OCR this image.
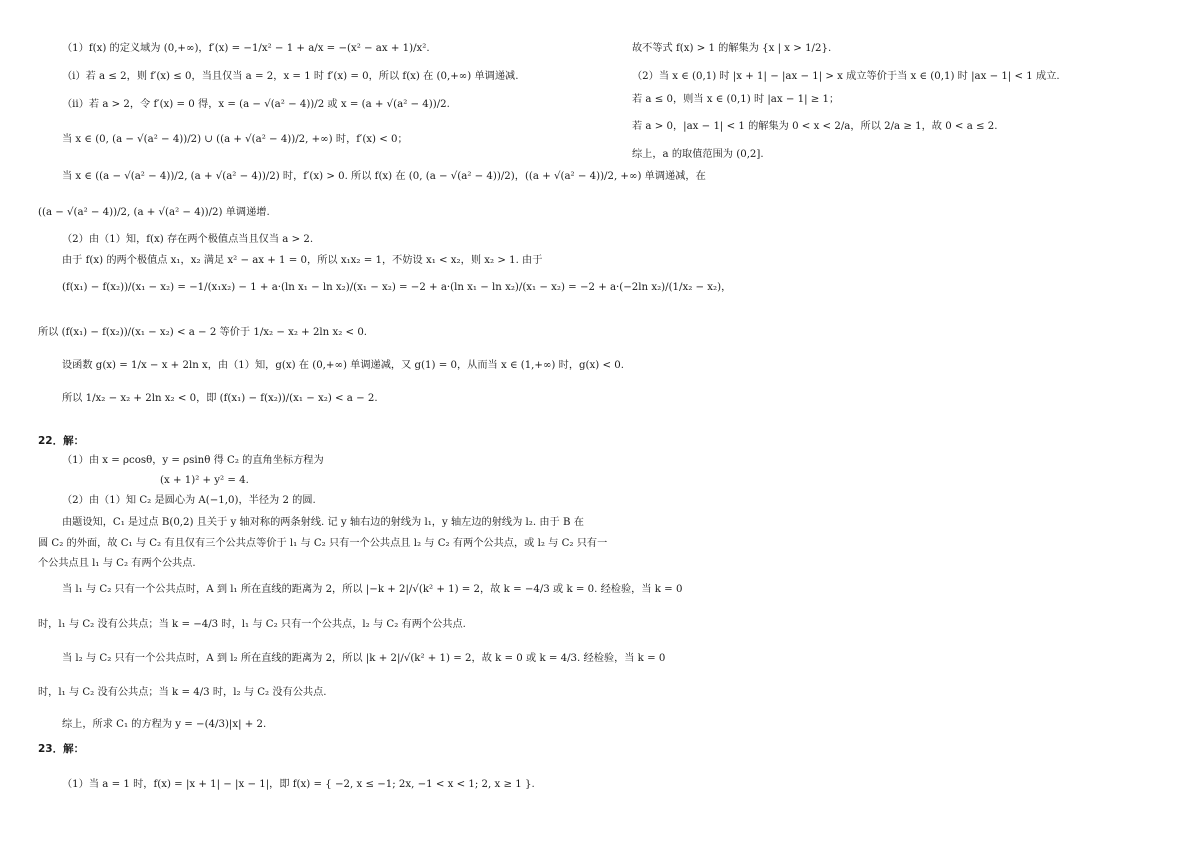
（1）f(x) 的定义域为 (0,+∞)，f′(x) = −1/x² − 1 + a/x = −(x² − ax + 1)/x².
（ⅰ）若 a ≤ 2，则 f′(x) ≤ 0，当且仅当 a = 2，x = 1 时 f′(x) = 0，所以 f(x) 在 (0,+∞) 单调递减.
（ⅱ）若 a > 2，令 f′(x) = 0 得，x = (a − √(a² − 4))/2 或 x = (a + √(a² − 4))/2.
当 x ∈ (0, (a − √(a² − 4))/2) ∪ ((a + √(a² − 4))/2, +∞) 时，f′(x) < 0；
当 x ∈ ((a − √(a² − 4))/2, (a + √(a² − 4))/2) 时，f′(x) > 0. 所以 f(x) 在 (0, (a − √(a² − 4))/2)，((a + √(a² − 4))/2, +∞) 单调递减，在
((a − √(a² − 4))/2, (a + √(a² − 4))/2) 单调递增.
（2）由（1）知，f(x) 存在两个极值点当且仅当 a > 2.
由于 f(x) 的两个极值点 x₁，x₂ 满足 x² − ax + 1 = 0，所以 x₁x₂ = 1，不妨设 x₁ < x₂，则 x₂ > 1. 由于
(f(x₁) − f(x₂))/(x₁ − x₂) = −1/(x₁x₂) − 1 + a·(ln x₁ − ln x₂)/(x₁ − x₂) = −2 + a·(ln x₁ − ln x₂)/(x₁ − x₂) = −2 + a·(−2ln x₂)/(1/x₂ − x₂)，
所以 (f(x₁) − f(x₂))/(x₁ − x₂) < a − 2 等价于 1/x₂ − x₂ + 2ln x₂ < 0.
设函数 g(x) = 1/x − x + 2ln x，由（1）知，g(x) 在 (0,+∞) 单调递减，又 g(1) = 0，从而当 x ∈ (1,+∞) 时，g(x) < 0.
所以 1/x₂ − x₂ + 2ln x₂ < 0，即 (f(x₁) − f(x₂))/(x₁ − x₂) < a − 2.
22．解：
（1）由 x = ρcosθ，y = ρsinθ 得 C₂ 的直角坐标方程为
(x + 1)² + y² = 4.
（2）由（1）知 C₂ 是圆心为 A(−1,0)，半径为 2 的圆.
由题设知，C₁ 是过点 B(0,2) 且关于 y 轴对称的两条射线. 记 y 轴右边的射线为 l₁，y 轴左边的射线为 l₂. 由于 B 在
圆 C₂ 的外面，故 C₁ 与 C₂ 有且仅有三个公共点等价于 l₁ 与 C₂ 只有一个公共点且 l₂ 与 C₂ 有两个公共点，或 l₂ 与 C₂ 只有一
个公共点且 l₁ 与 C₂ 有两个公共点.
当 l₁ 与 C₂ 只有一个公共点时，A 到 l₁ 所在直线的距离为 2，所以 |−k + 2|/√(k² + 1) = 2，故 k = −4/3 或 k = 0. 经检验，当 k = 0
时，l₁ 与 C₂ 没有公共点；当 k = −4/3 时，l₁ 与 C₂ 只有一个公共点，l₂ 与 C₂ 有两个公共点.
当 l₂ 与 C₂ 只有一个公共点时，A 到 l₂ 所在直线的距离为 2，所以 |k + 2|/√(k² + 1) = 2，故 k = 0 或 k = 4/3. 经检验，当 k = 0
时，l₁ 与 C₂ 没有公共点；当 k = 4/3 时，l₂ 与 C₂ 没有公共点.
综上，所求 C₁ 的方程为 y = −(4/3)|x| + 2.
23．解：
（1）当 a = 1 时，f(x) = |x + 1| − |x − 1|，即 f(x) = { −2, x ≤ −1; 2x, −1 < x < 1; 2, x ≥ 1 }.
故不等式 f(x) > 1 的解集为 {x | x > 1/2}.
（2）当 x ∈ (0,1) 时 |x + 1| − |ax − 1| > x 成立等价于当 x ∈ (0,1) 时 |ax − 1| < 1 成立.
若 a ≤ 0，则当 x ∈ (0,1) 时 |ax − 1| ≥ 1；
若 a > 0，|ax − 1| < 1 的解集为 0 < x < 2/a，所以 2/a ≥ 1，故 0 < a ≤ 2.
综上，a 的取值范围为 (0,2].
